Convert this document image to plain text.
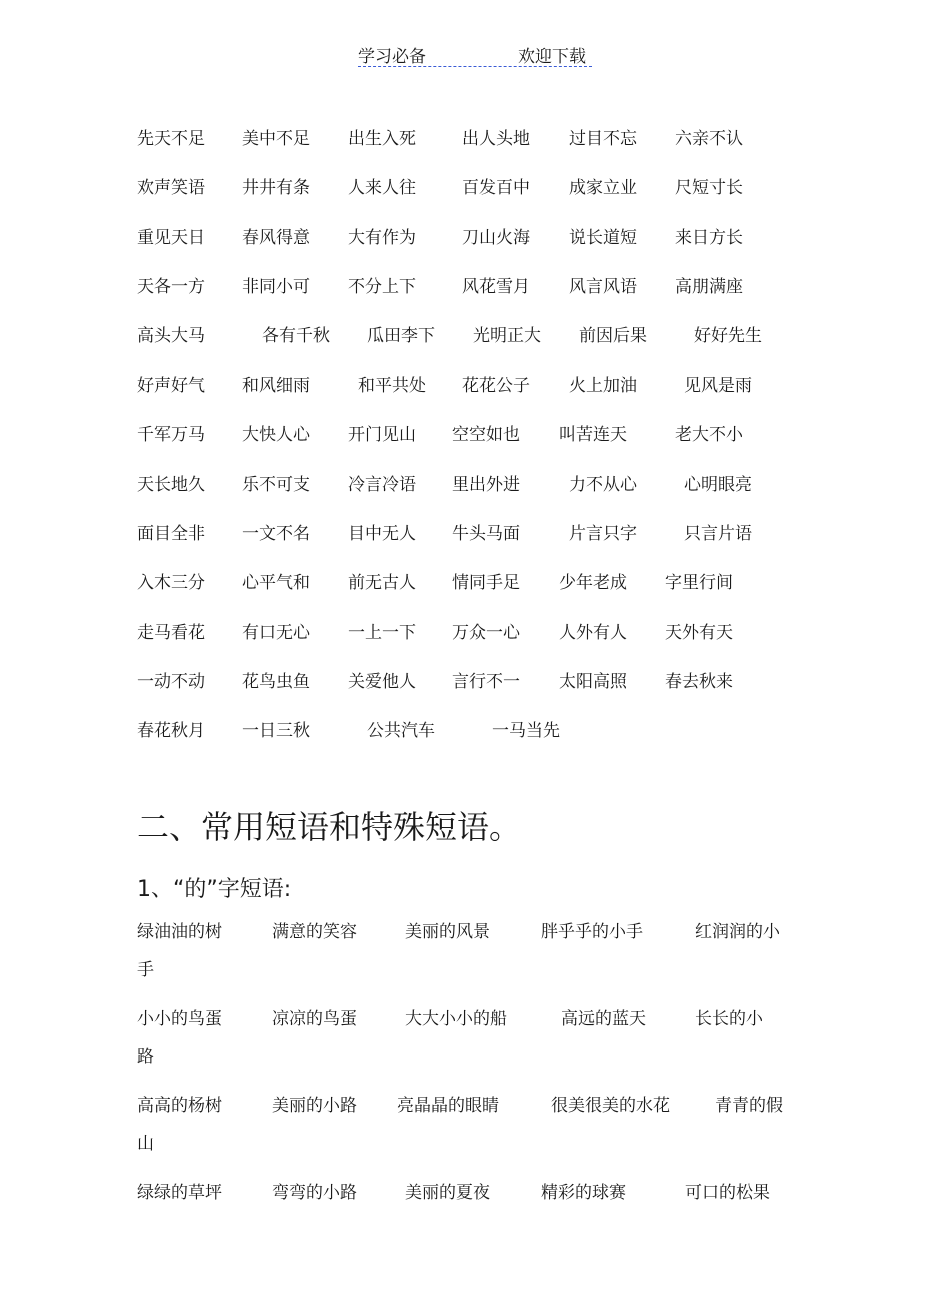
学习必备	欢迎下载
先天不足 美中不足 出生入死	出人头地 过目不忘 六亲不认
欢声笑语 井井有条 人来人往	百发百中 成家立业 尺短寸长
重见天日 春风得意 大有作为	刀山火海 说长道短 来日方长
天各一方 非同小可 不分上下	风花雪月 风言风语 高朋满座
高头大马	各有千秋 瓜田李下 光明正大 前因后果	好好先生
好声好气 和风细雨	和平共处 花花公子 火上加油	见风是雨
千军万马 大快人心 开门见山 空空如也 叫苦连天	老大不小
天长地久 乐不可支 冷言冷语 里出外进	力不从心	心明眼亮
面目全非 一文不名 目中无人 牛头马面	片言只字	只言片语
入木三分 心平气和 前无古人 情同手足 少年老成 字里行间
走马看花 有口无心 一上一下 万众一心 人外有人 天外有天
一动不动 花鸟虫鱼 关爱他人 言行不一 太阳高照 春去秋来
春花秋月 一日三秋	公共汽车	一马当先
二、常用短语和特殊短语。
1、“的”字短语:
绿油油的树	满意的笑容	美丽的风景	胖乎乎的小手	红润润的小
手
小小的鸟蛋	凉凉的鸟蛋	大大小小的船	高远的蓝天	长长的小
路
高高的杨树	美丽的小路 亮晶晶的眼睛	很美很美的水花	青青的假
山
绿绿的草坪	弯弯的小路	美丽的夏夜	精彩的球赛	可口的松果
